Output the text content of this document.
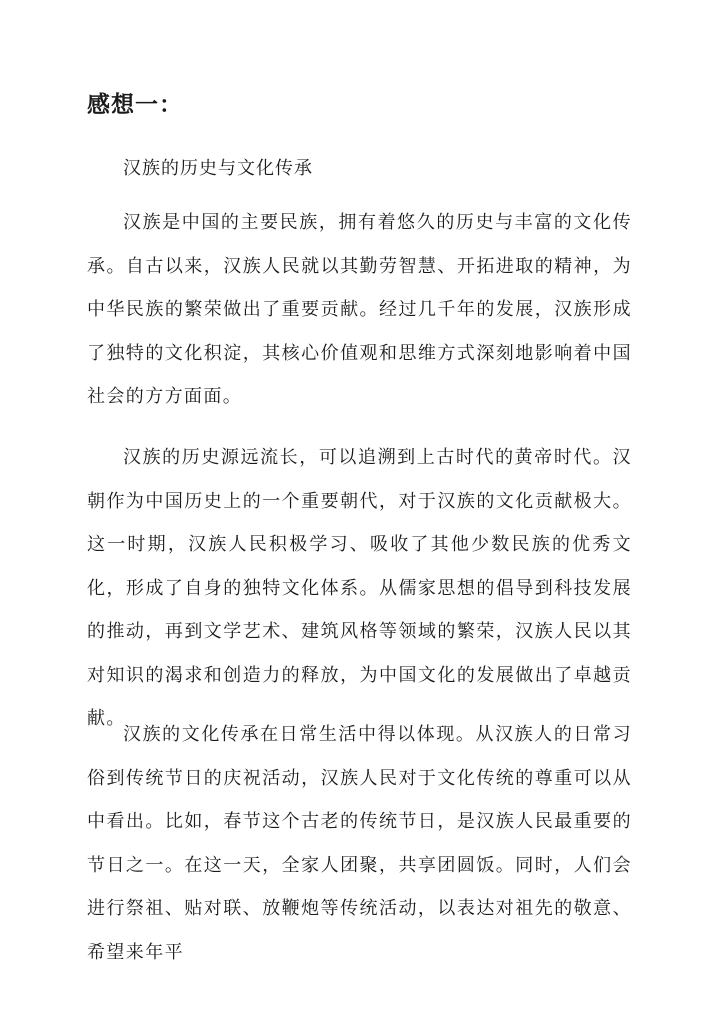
感想一：

汉族的历史与文化传承

汉族是中国的主要民族，拥有着悠久的历史与丰富的文化传承。自古以来，汉族人民就以其勤劳智慧、开拓进取的精神，为中华民族的繁荣做出了重要贡献。经过几千年的发展，汉族形成了独特的文化积淀，其核心价值观和思维方式深刻地影响着中国社会的方方面面。

汉族的历史源远流长，可以追溯到上古时代的黄帝时代。汉朝作为中国历史上的一个重要朝代，对于汉族的文化贡献极大。这一时期，汉族人民积极学习、吸收了其他少数民族的优秀文化，形成了自身的独特文化体系。从儒家思想的倡导到科技发展的推动，再到文学艺术、建筑风格等领域的繁荣，汉族人民以其对知识的渴求和创造力的释放，为中国文化的发展做出了卓越贡献。

汉族的文化传承在日常生活中得以体现。从汉族人的日常习俗到传统节日的庆祝活动，汉族人民对于文化传统的尊重可以从中看出。比如，春节这个古老的传统节日，是汉族人民最重要的节日之一。在这一天，全家人团聚，共享团圆饭。同时，人们会进行祭祖、贴对联、放鞭炮等传统活动，以表达对祖先的敬意、希望来年平
